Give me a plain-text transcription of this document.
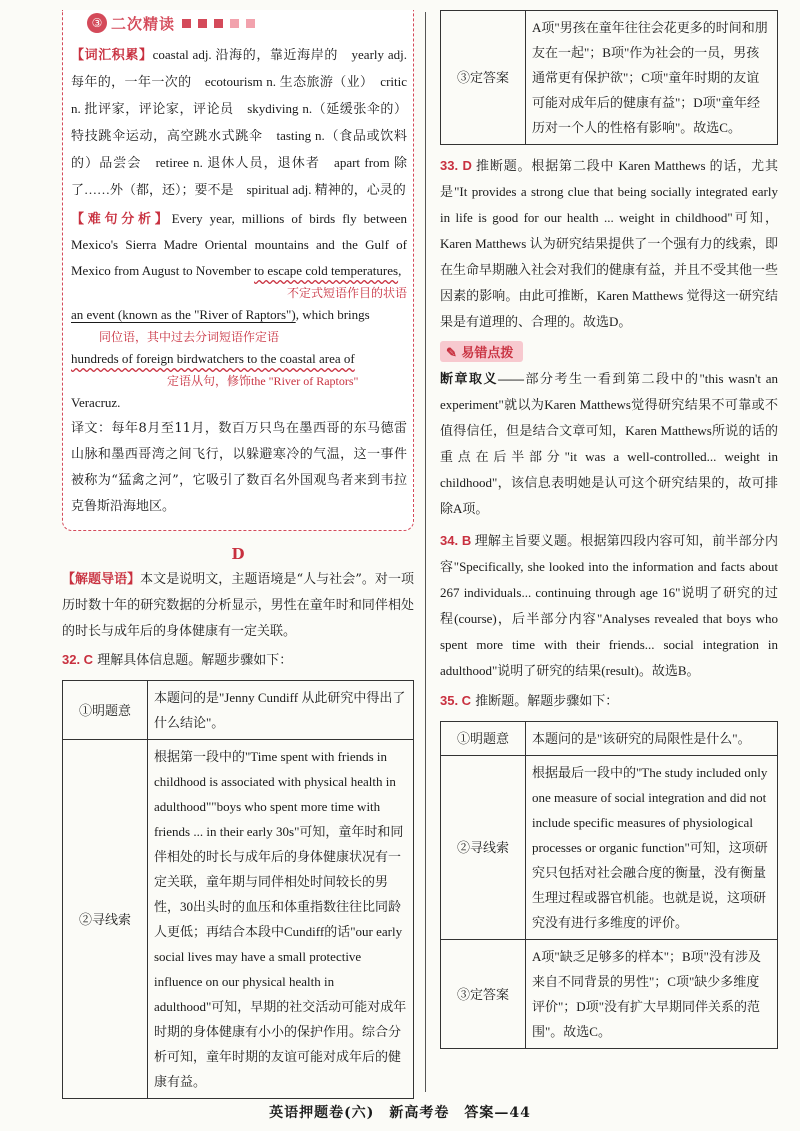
③ 二次精读
【词汇积累】coastal adj. 沿海的，靠近海岸的　yearly adj. 每年的，一年一次的　ecotourism n. 生态旅游（业）　critic n. 批评家，评论家，评论员　skydiving n.（延缓张伞的）特技跳伞运动，高空跳水式跳伞　tasting n.（食品或饮料的）品尝会　retiree n. 退休人员，退休者　apart from 除了……外（都，还）；要不是　spiritual adj. 精神的，心灵的
【难句分析】Every year, millions of birds fly between Mexico's Sierra Madre Oriental mountains and the Gulf of Mexico from August to November to escape cold temperatures,
不定式短语作目的状语
an event (known as the "River of Raptors"), which brings
同位语，其中过去分词短语作定语
hundreds of foreign birdwatchers to the coastal area of
定语从句，修饰the "River of Raptors"
Veracruz.
译文：每年8月至11月，数百万只鸟在墨西哥的东马德雷山脉和墨西哥湾之间飞行，以躲避寒冷的气温，这一事件被称为“猛禽之河”，它吸引了数百名外国观鸟者来到韦拉克鲁斯沿海地区。
D
【解题导语】本文是说明文，主题语境是“人与社会”。对一项历时数十年的研究数据的分析显示，男性在童年时和同伴相处的时长与成年后的身体健康有一定关联。
32. C 理解具体信息题。解题步骤如下：
①明题意	本题问的是"Jenny Cundiff 从此研究中得出了什么结论"。
②寻线索	根据第一段中的"Time spent with friends in childhood is associated with physical health in adulthood""boys who spent more time with friends ... in their early 30s"可知，童年时和同伴相处的时长与成年后的身体健康状况有一定关联，童年期与同伴相处时间较长的男性，30出头时的血压和体重指数往往比同龄人更低；再结合本段中Cundiff的话"our early social lives may have a small protective influence on our physical health in adulthood"可知，早期的社交活动可能对成年时期的身体健康有小小的保护作用。综合分析可知，童年时期的友谊可能对成年后的健康有益。
③定答案	A项"男孩在童年往往会花更多的时间和朋友在一起"；B项"作为社会的一员，男孩通常更有保护欲"；C项"童年时期的友谊可能对成年后的健康有益"；D项"童年经历对一个人的性格有影响"。故选C。
33. D 推断题。根据第二段中 Karen Matthews 的话，尤其是"It provides a strong clue that being socially integrated early in life is good for our health ... weight in childhood"可知，Karen Matthews 认为研究结果提供了一个强有力的线索，即在生命早期融入社会对我们的健康有益，并且不受其他一些因素的影响。由此可推断，Karen Matthews 觉得这一研究结果是有道理的、合理的。故选D。
✎ 易错点拨
断章取义——部分考生一看到第二段中的"this wasn't an experiment"就以为Karen Matthews觉得研究结果不可靠或不值得信任，但是结合文章可知，Karen Matthews所说的话的重点在后半部分"it was a well-controlled... weight in childhood"，该信息表明她是认可这个研究结果的，故可排除A项。
34. B 理解主旨要义题。根据第四段内容可知，前半部分内容"Specifically, she looked into the information and facts about 267 individuals... continuing through age 16"说明了研究的过程(course)，后半部分内容"Analyses revealed that boys who spent more time with their friends... social integration in adulthood"说明了研究的结果(result)。故选B。
35. C 推断题。解题步骤如下：
①明题意	本题问的是"该研究的局限性是什么"。
②寻线索	根据最后一段中的"The study included only one measure of social integration and did not include specific measures of physiological processes or organic function"可知，这项研究只包括对社会融合度的衡量，没有衡量生理过程或器官机能。也就是说，这项研究没有进行多维度的评价。
③定答案	A项"缺乏足够多的样本"；B项"没有涉及来自不同背景的男性"；C项"缺少多维度评价"；D项"没有扩大早期同伴关系的范围"。故选C。
英语押题卷(六)　新高考卷　答案—44
